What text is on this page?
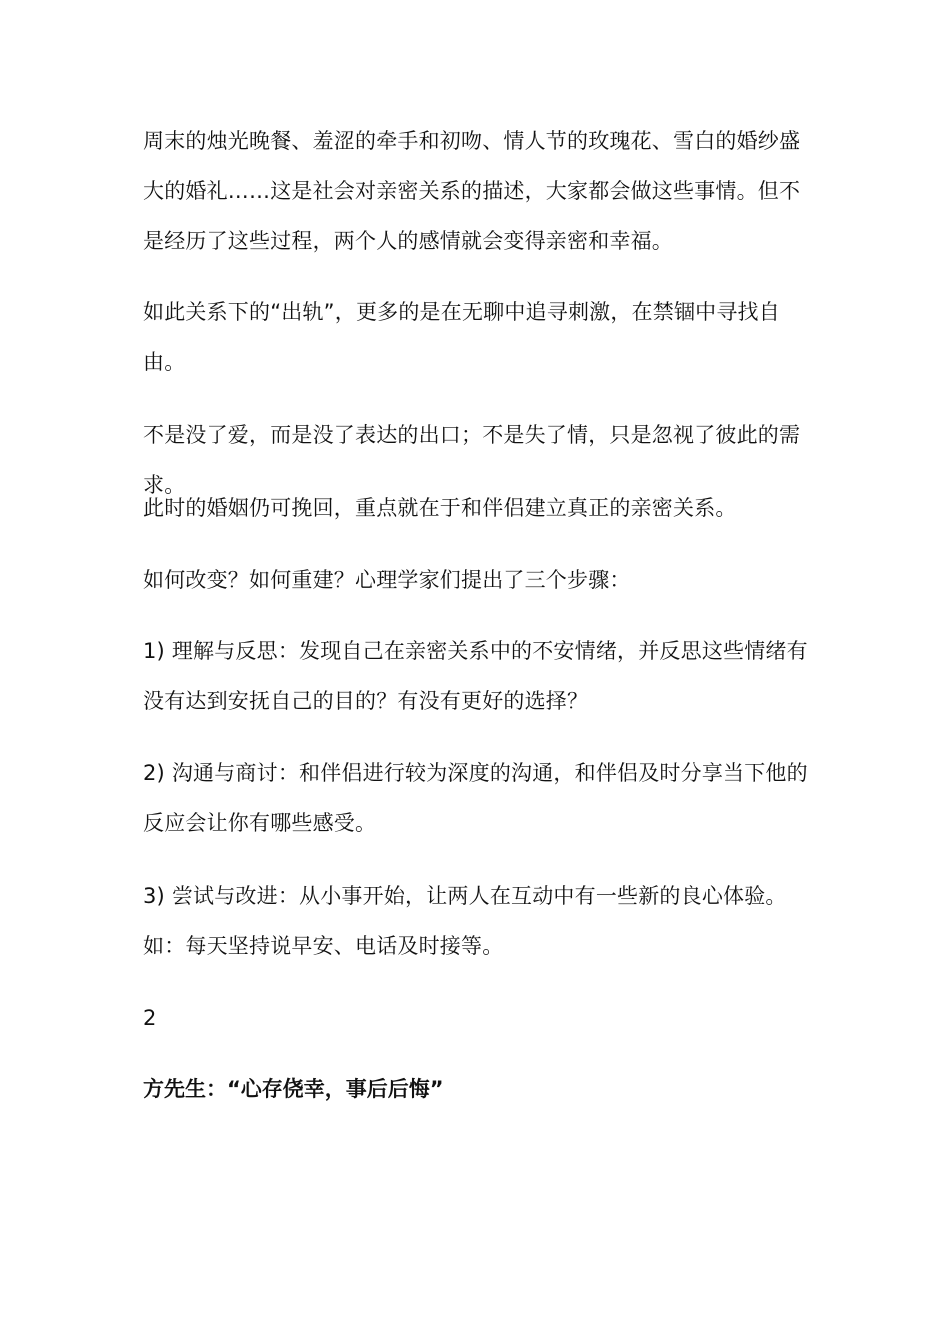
周末的烛光晚餐、羞涩的牵手和初吻、情人节的玫瑰花、雪白的婚纱盛大的婚礼……这是社会对亲密关系的描述，大家都会做这些事情。但不是经历了这些过程，两个人的感情就会变得亲密和幸福。

如此关系下的“出轨”，更多的是在无聊中追寻刺激，在禁锢中寻找自由。

不是没了爱，而是没了表达的出口；不是失了情，只是忽视了彼此的需求。

此时的婚姻仍可挽回，重点就在于和伴侣建立真正的亲密关系。

如何改变？如何重建？心理学家们提出了三个步骤：

1) 理解与反思：发现自己在亲密关系中的不安情绪，并反思这些情绪有没有达到安抚自己的目的？有没有更好的选择？

2) 沟通与商讨：和伴侣进行较为深度的沟通，和伴侣及时分享当下他的反应会让你有哪些感受。

3) 尝试与改进：从小事开始，让两人在互动中有一些新的良心体验。如：每天坚持说早安、电话及时接等。

2

方先生：“心存侥幸，事后后悔”
